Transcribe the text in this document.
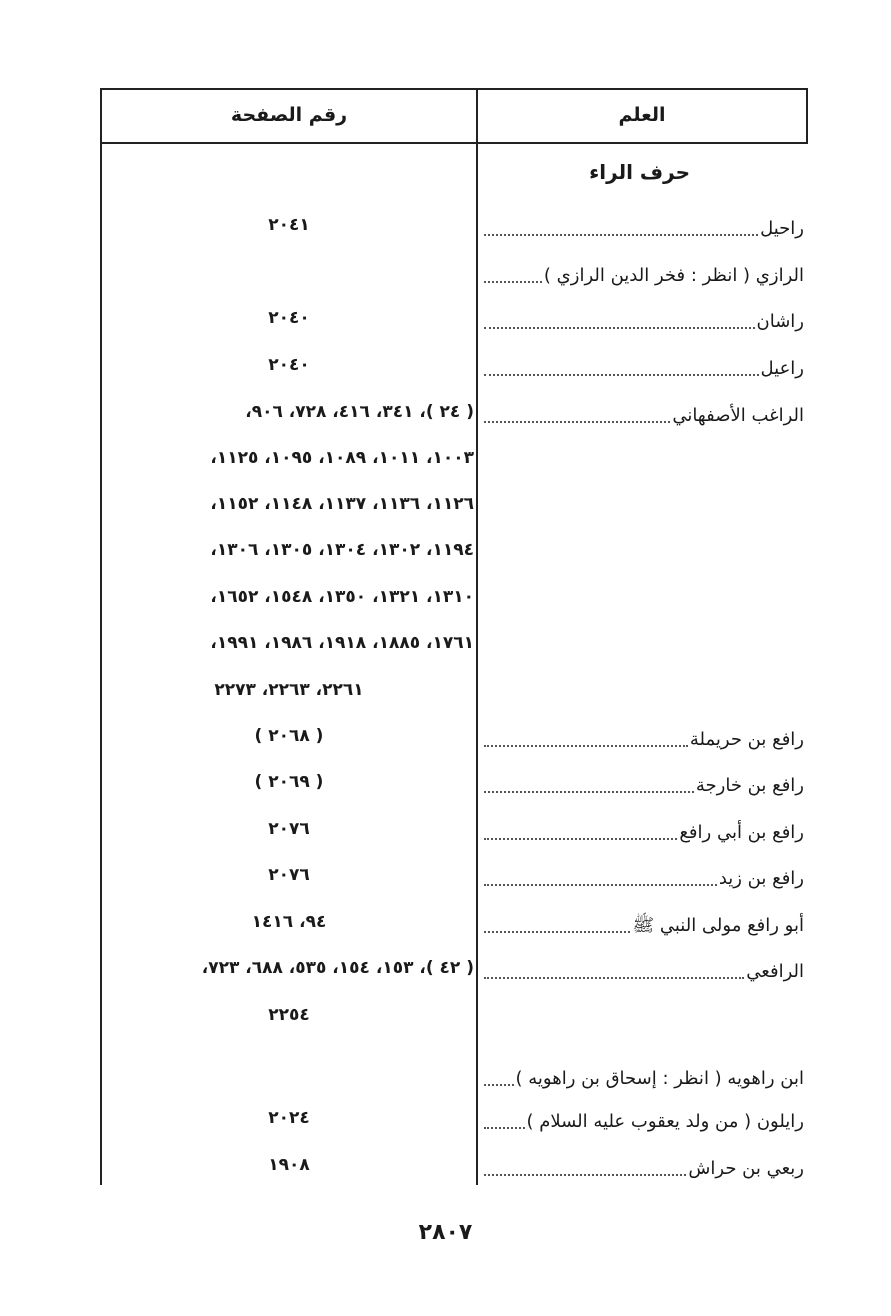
العلم
رقم الصفحة
حرف الراء
راحيل
٢٠٤١
الرازي ( انظر : فخر الدين الرازي )
راشان
٢٠٤٠
راعيل
٢٠٤٠
الراغب الأصفهاني
( ٢٤ )، ٣٤١، ٤١٦، ٧٢٨، ٩٠٦،
١٠٠٣، ١٠١١، ١٠٨٩، ١٠٩٥، ١١٢٥،
١١٢٦، ١١٣٦، ١١٣٧، ١١٤٨، ١١٥٢،
١١٩٤، ١٣٠٢، ١٣٠٤، ١٣٠٥، ١٣٠٦،
١٣١٠، ١٣٢١، ١٣٥٠، ١٥٤٨، ١٦٥٢،
١٧٦١، ١٨٨٥، ١٩١٨، ١٩٨٦، ١٩٩١،
٢٢٦١، ٢٢٦٣، ٢٢٧٣
رافع بن حريملة
( ٢٠٦٨ )
رافع بن خارجة
( ٢٠٦٩ )
رافع بن أبي رافع
٢٠٧٦
رافع بن زيد
٢٠٧٦
أبو رافع مولى النبي ﷺ
٩٤، ١٤١٦
الرافعي
( ٤٢ )، ١٥٣، ١٥٤، ٥٣٥، ٦٨٨، ٧٢٣،
٢٢٥٤
ابن راهويه ( انظر : إسحاق بن راهويه )
رايلون ( من ولد يعقوب عليه السلام )
٢٠٢٤
ربعي بن حراش
١٩٠٨
٢٨٠٧
